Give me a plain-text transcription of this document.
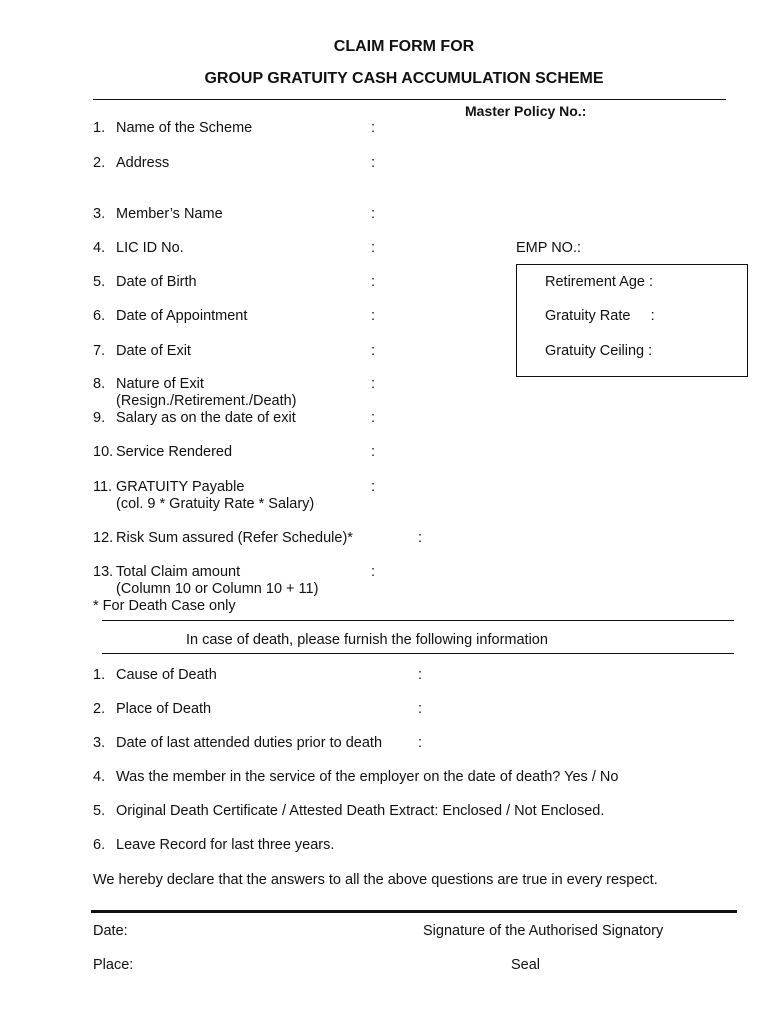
CLAIM FORM FOR
GROUP GRATUITY CASH ACCUMULATION SCHEME
Master Policy No.:
1. Name of the Scheme	:
2. Address	:
3. Member’s Name	:
4. LIC ID No.	:	EMP NO.:
5. Date of Birth	:
6. Date of Appointment	:
7. Date of Exit	:
Retirement Age :
Gratuity Rate     :
Gratuity Ceiling :
8. Nature of Exit
(Resign./Retirement./Death)
:
9. Salary as on the date of exit	:
10. Service Rendered	:
11. GRATUITY Payable
(col. 9 * Gratuity Rate * Salary)
:
12. Risk Sum assured (Refer Schedule)*	:
13. Total Claim amount
(Column 10 or Column 10 + 11)
:
* For Death Case only
In case of death, please furnish the following information
1. Cause of Death	:
2. Place of Death	:
3. Date of last attended duties prior to death :
4. Was the member in the service of the employer on the date of death? Yes / No
5. Original Death Certificate / Attested Death Extract: Enclosed / Not Enclosed.
6. Leave Record for last three years.
We hereby declare that the answers to all the above questions are true in every respect.
Date:	Signature of the Authorised Signatory
Place:	Seal
